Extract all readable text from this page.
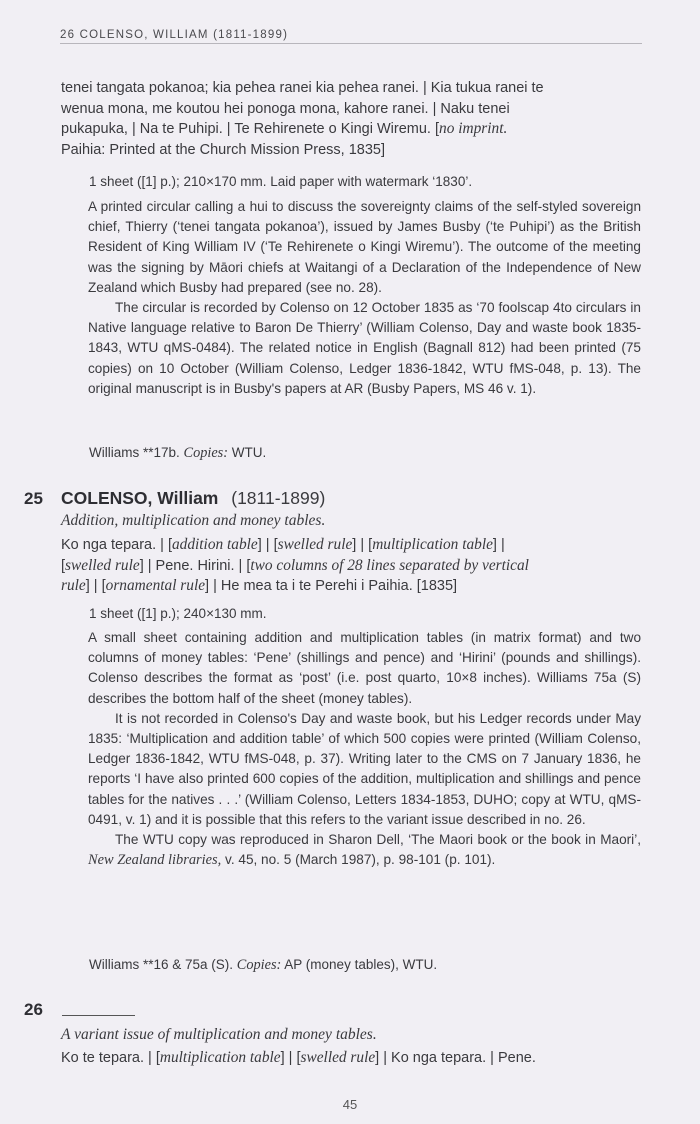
26 COLENSO, WILLIAM (1811-1899)
tenei tangata pokanoa; kia pehea ranei kia pehea ranei. | Kia tukua ranei te
wenua mona, me koutou hei ponoga mona, kahore ranei. | Naku tenei
pukapuka, | Na te Puhipi. | Te Rehirenete o Kingi Wiremu. [no imprint.
Paihia: Printed at the Church Mission Press, 1835]
1 sheet ([1] p.); 210×170 mm. Laid paper with watermark ‘1830’.

A printed circular calling a hui to discuss the sovereignty claims of the self-styled sovereign chief, Thierry (‘tenei tangata pokanoa’), issued by James Busby (‘te Puhipi’) as the British Resident of King William IV (‘Te Rehirenete o Kingi Wiremu’). The outcome of the meeting was the signing by Māori chiefs at Waitangi of a Declaration of the Independence of New Zealand which Busby had prepared (see no. 28).

The circular is recorded by Colenso on 12 October 1835 as ‘70 foolscap 4to circulars in Native language relative to Baron De Thierry’ (William Colenso, Day and waste book 1835-1843, WTU qMS-0484). The related notice in English (Bagnall 812) had been printed (75 copies) on 10 October (William Colenso, Ledger 1836-1842, WTU fMS-048, p. 13). The original manuscript is in Busby's papers at AR (Busby Papers, MS 46 v. 1).

Williams **17b. Copies: WTU.
25 COLENSO, William (1811-1899)
Addition, multiplication and money tables.
Ko nga tepara. | [addition table] | [swelled rule] | [multiplication table] |
[swelled rule] | Pene. Hirini. | [two columns of 28 lines separated by vertical
rule] | [ornamental rule] | He mea ta i te Perehi i Paihia. [1835]
1 sheet ([1] p.); 240×130 mm.

A small sheet containing addition and multiplication tables (in matrix format) and two columns of money tables: ‘Pene’ (shillings and pence) and ‘Hirini’ (pounds and shillings). Colenso describes the format as ‘post’ (i.e. post quarto, 10×8 inches). Williams 75a (S) describes the bottom half of the sheet (money tables).

It is not recorded in Colenso's Day and waste book, but his Ledger records under May 1835: ‘Multiplication and addition table’ of which 500 copies were printed (William Colenso, Ledger 1836-1842, WTU fMS-048, p. 37). Writing later to the CMS on 7 January 1836, he reports ‘I have also printed 600 copies of the addition, multiplication and shillings and pence tables for the natives . . .’ (William Colenso, Letters 1834-1853, DUHO; copy at WTU, qMS-0491, v. 1) and it is possible that this refers to the variant issue described in no. 26.

The WTU copy was reproduced in Sharon Dell, ‘The Maori book or the book in Maori’, New Zealand libraries, v. 45, no. 5 (March 1987), p. 98-101 (p. 101).

Williams **16 & 75a (S). Copies: AP (money tables), WTU.
26
A variant issue of multiplication and money tables.
Ko te tepara. | [multiplication table] | [swelled rule] | Ko nga tepara. | Pene.
45
